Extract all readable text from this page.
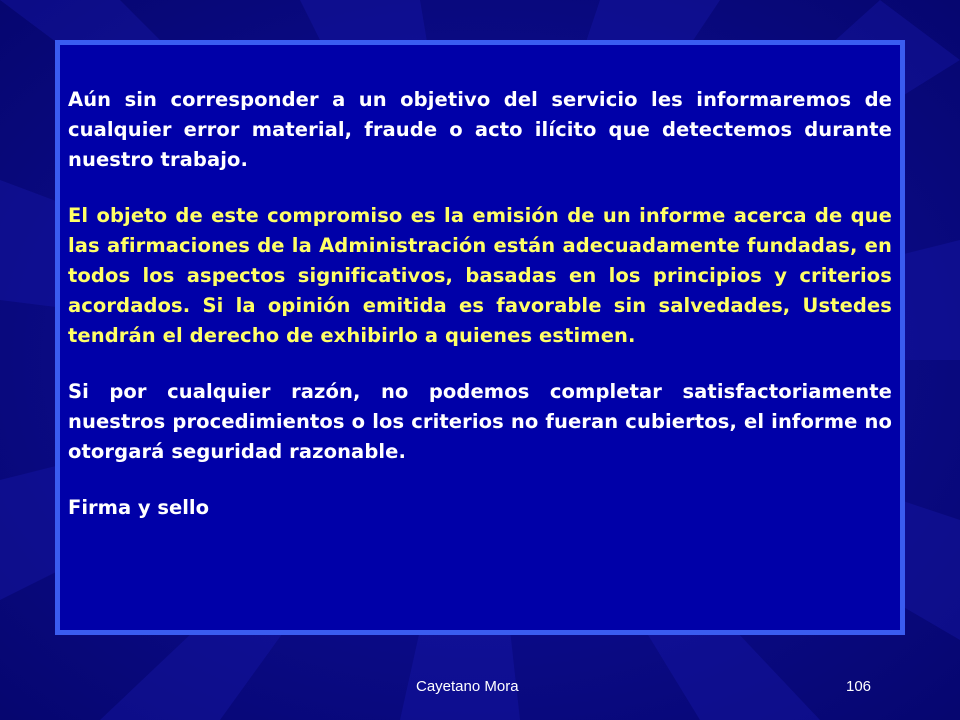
Aún sin corresponder a un objetivo del servicio les informaremos de cualquier error material, fraude o acto ilícito que detectemos durante nuestro trabajo.

El objeto de este compromiso es la emisión de un informe acerca de que las afirmaciones de la Administración están adecuadamente fundadas, en todos los aspectos significativos, basadas en los principios y criterios acordados. Si la opinión emitida es favorable sin salvedades, Ustedes tendrán el derecho de exhibirlo a quienes estimen.

Si por cualquier razón, no podemos completar satisfactoriamente nuestros procedimientos o los criterios no fueran cubiertos, el informe no otorgará seguridad razonable.

Firma y sello

Cayetano Mora	106
